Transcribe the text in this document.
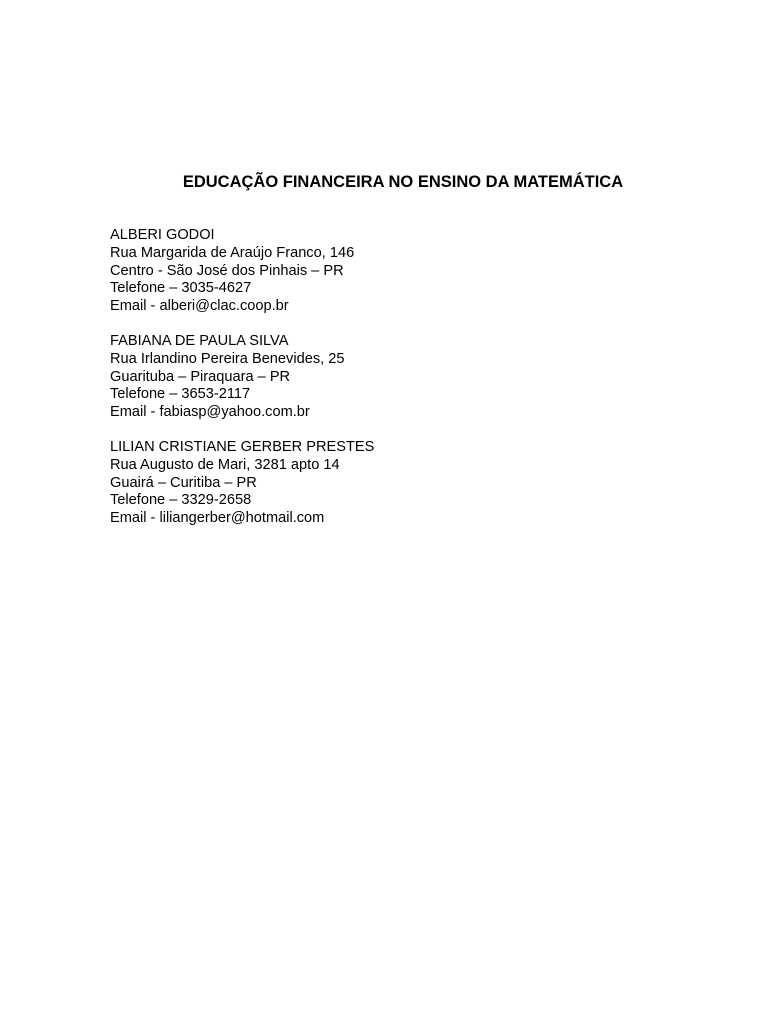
EDUCAÇÃO FINANCEIRA NO ENSINO DA MATEMÁTICA
ALBERI GODOI
Rua Margarida de Araújo Franco, 146
Centro - São José dos Pinhais – PR
Telefone – 3035-4627
Email - alberi@clac.coop.br
FABIANA DE PAULA SILVA
Rua Irlandino Pereira Benevides, 25
Guarituba – Piraquara – PR
Telefone – 3653-2117
Email - fabiasp@yahoo.com.br
LILIAN CRISTIANE GERBER PRESTES
Rua Augusto de Mari, 3281 apto 14
Guairá – Curitiba – PR
Telefone – 3329-2658
Email - liliangerber@hotmail.com
